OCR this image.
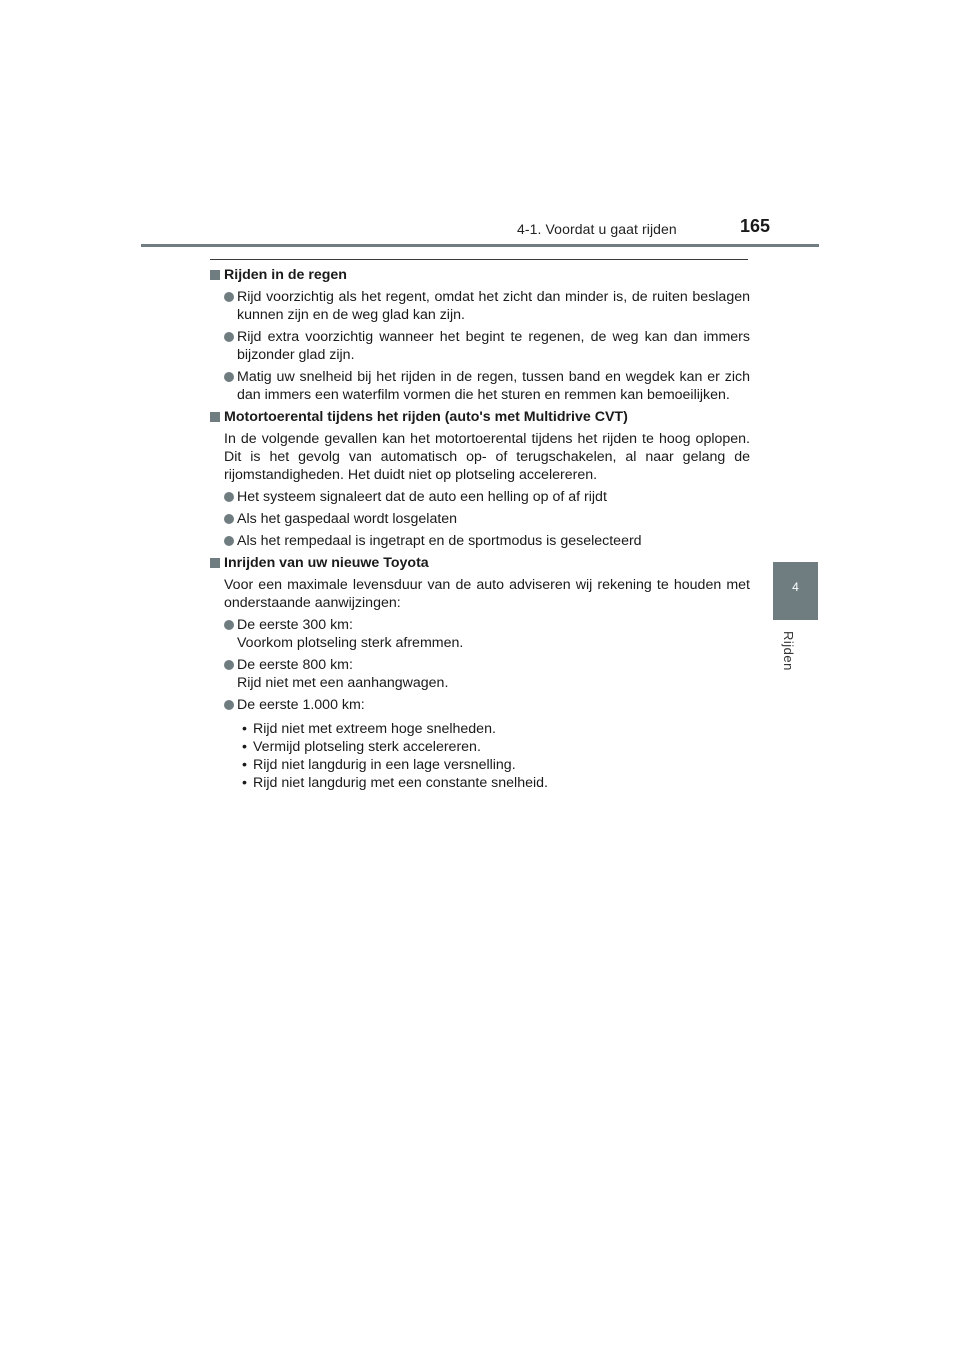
4-1. Voordat u gaat rijden	165
4
Rijden
Rijden in de regen
Rijd voorzichtig als het regent, omdat het zicht dan minder is, de ruiten beslagen kunnen zijn en de weg glad kan zijn.
Rijd extra voorzichtig wanneer het begint te regenen, de weg kan dan immers bijzonder glad zijn.
Matig uw snelheid bij het rijden in de regen, tussen band en wegdek kan er zich dan immers een waterfilm vormen die het sturen en remmen kan bemoeilijken.
Motortoerental tijdens het rijden (auto's met Multidrive CVT)
In de volgende gevallen kan het motortoerental tijdens het rijden te hoog oplopen. Dit is het gevolg van automatisch op- of terugschakelen, al naar gelang de rijomstandigheden. Het duidt niet op plotseling accelereren.
Het systeem signaleert dat de auto een helling op of af rijdt
Als het gaspedaal wordt losgelaten
Als het rempedaal is ingetrapt en de sportmodus is geselecteerd
Inrijden van uw nieuwe Toyota
Voor een maximale levensduur van de auto adviseren wij rekening te houden met onderstaande aanwijzingen:
De eerste 300 km:
Voorkom plotseling sterk afremmen.
De eerste 800 km:
Rijd niet met een aanhangwagen.
De eerste 1.000 km:
• Rijd niet met extreem hoge snelheden.
• Vermijd plotseling sterk accelereren.
• Rijd niet langdurig in een lage versnelling.
• Rijd niet langdurig met een constante snelheid.
